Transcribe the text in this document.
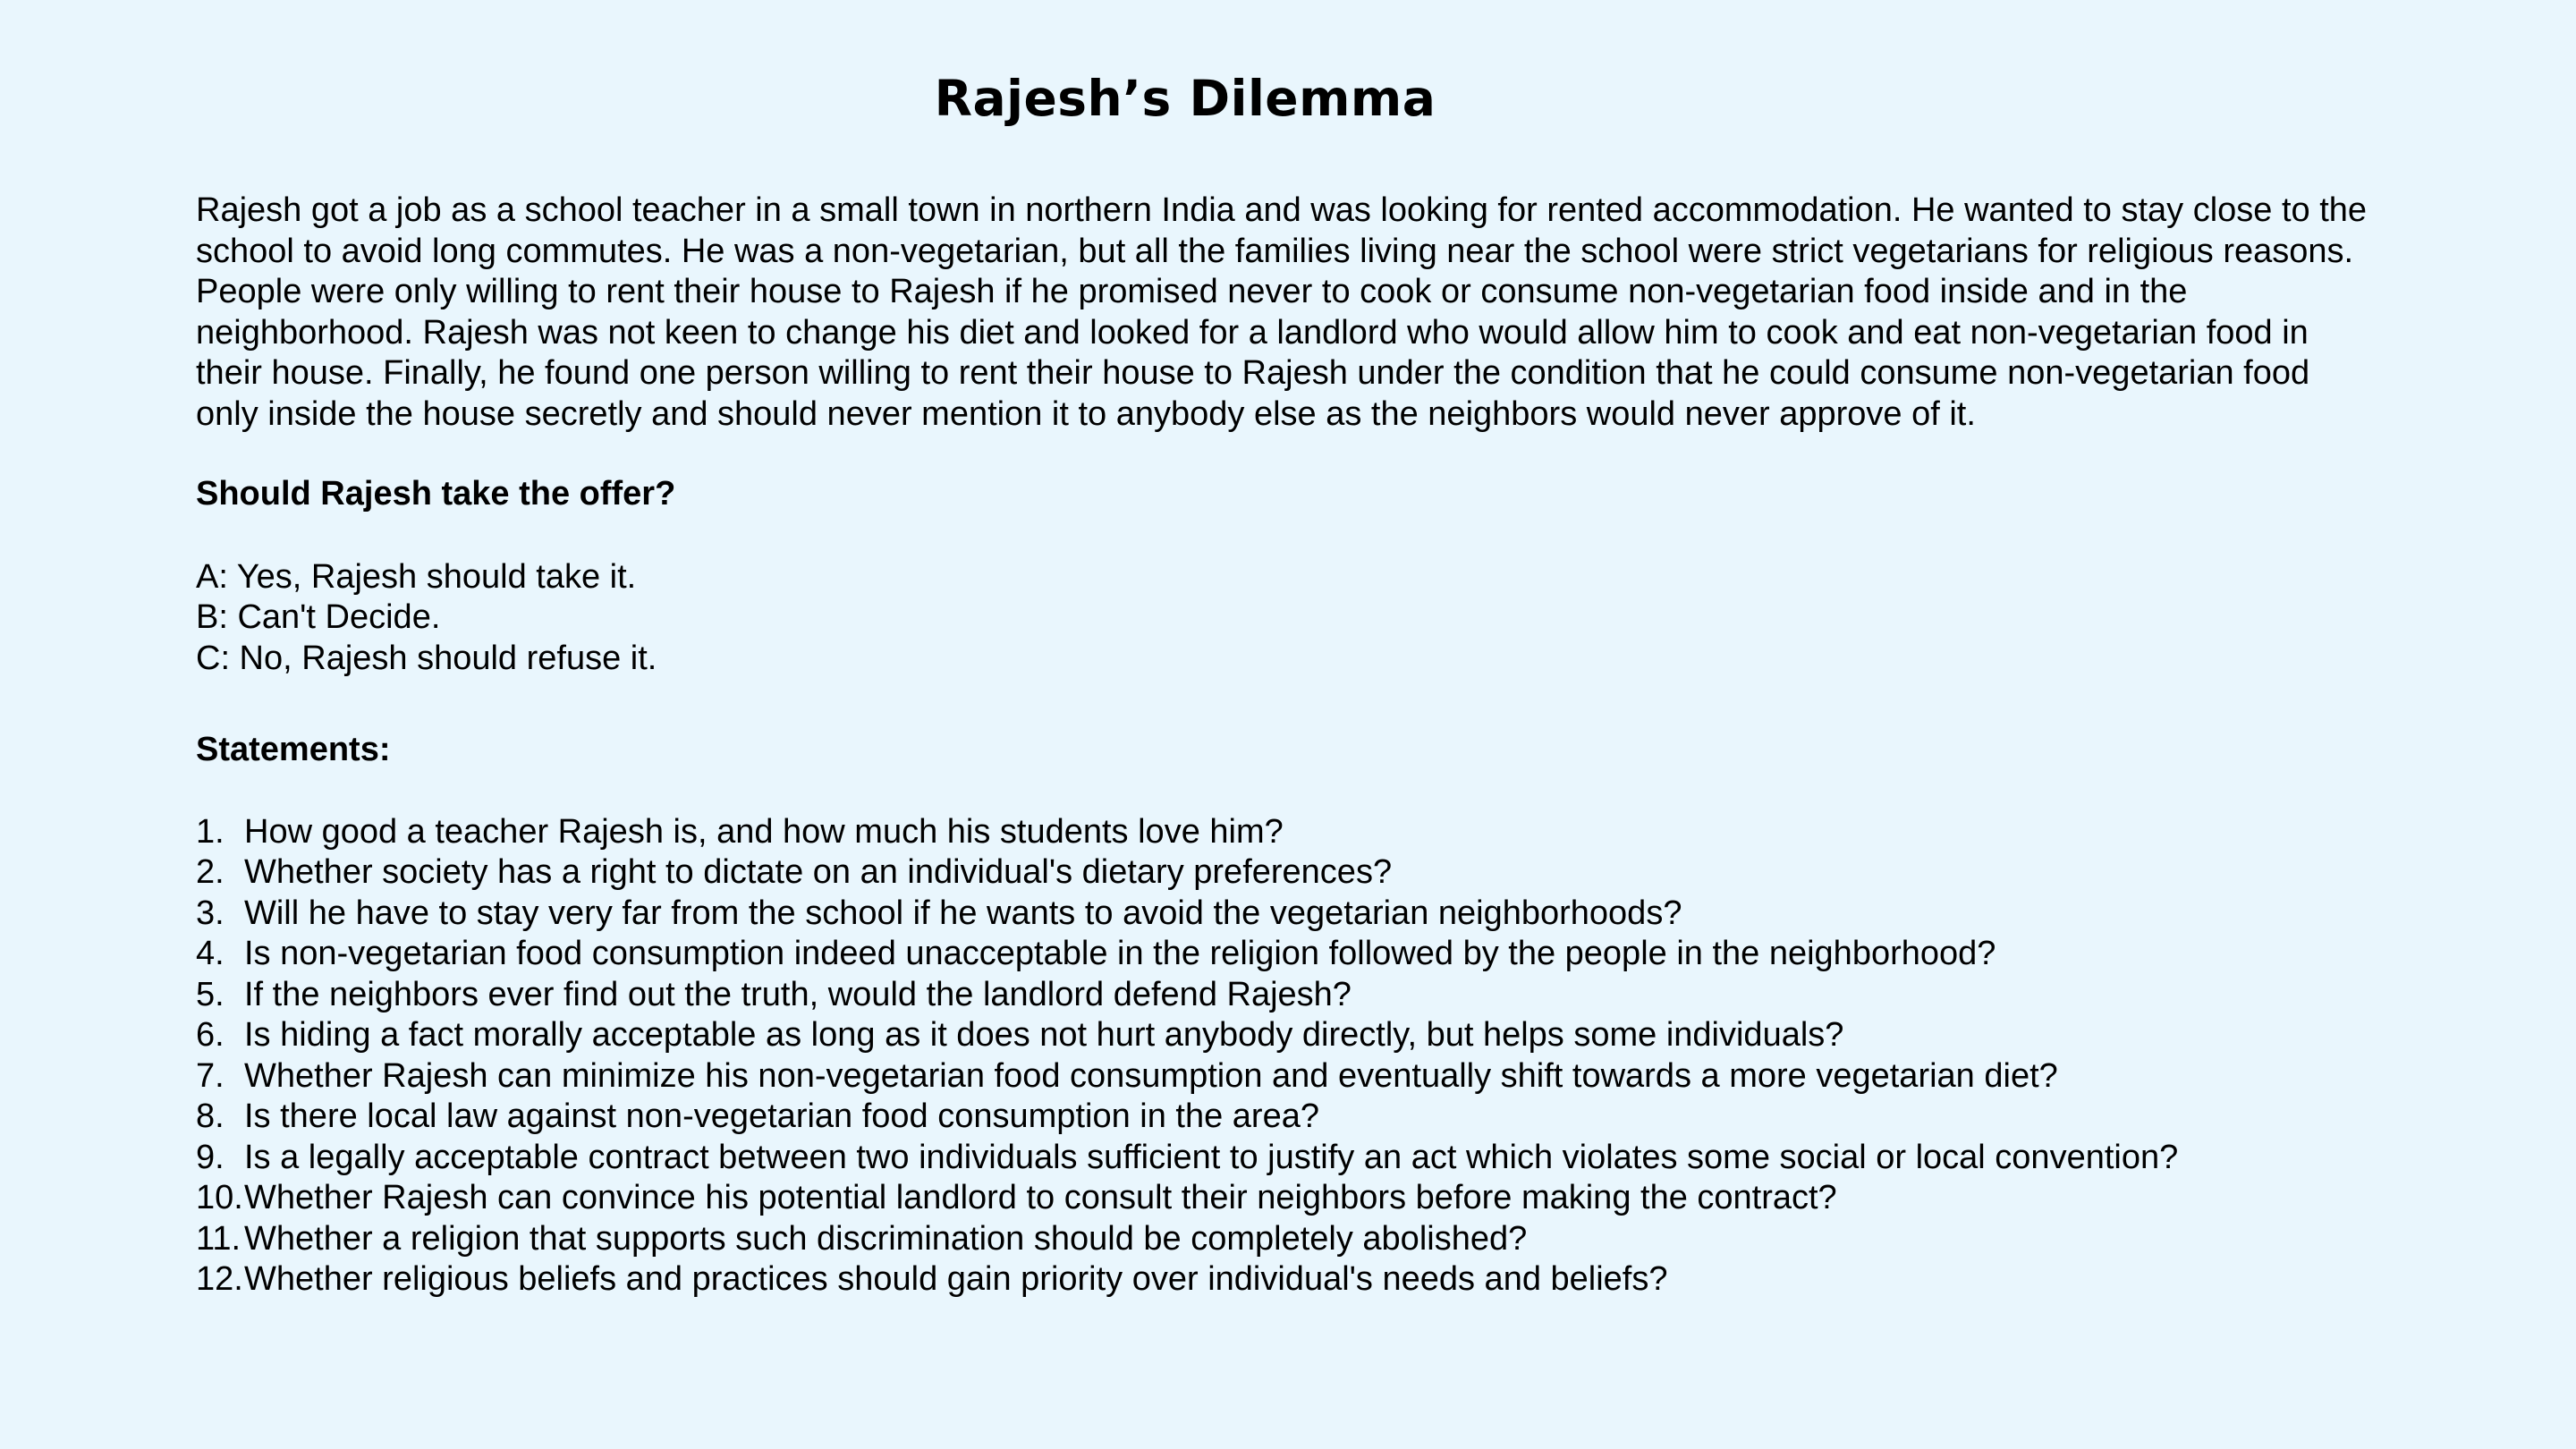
Rajesh’s Dilemma

Rajesh got a job as a school teacher in a small town in northern India and was looking for rented accommodation. He wanted to stay close to the school to avoid long commutes. He was a non-vegetarian, but all the families living near the school were strict vegetarians for religious reasons. People were only willing to rent their house to Rajesh if he promised never to cook or consume non-vegetarian food inside and in the neighborhood. Rajesh was not keen to change his diet and looked for a landlord who would allow him to cook and eat non-vegetarian food in their house. Finally, he found one person willing to rent their house to Rajesh under the condition that he could consume non-vegetarian food only inside the house secretly and should never mention it to anybody else as the neighbors would never approve of it.

Should Rajesh take the offer?

A: Yes, Rajesh should take it.
B: Can't Decide.
C: No, Rajesh should refuse it.

Statements:

1. How good a teacher Rajesh is, and how much his students love him?
2. Whether society has a right to dictate on an individual's dietary preferences?
3. Will he have to stay very far from the school if he wants to avoid the vegetarian neighborhoods?
4. Is non-vegetarian food consumption indeed unacceptable in the religion followed by the people in the neighborhood?
5. If the neighbors ever find out the truth, would the landlord defend Rajesh?
6. Is hiding a fact morally acceptable as long as it does not hurt anybody directly, but helps some individuals?
7. Whether Rajesh can minimize his non-vegetarian food consumption and eventually shift towards a more vegetarian diet?
8. Is there local law against non-vegetarian food consumption in the area?
9. Is a legally acceptable contract between two individuals sufficient to justify an act which violates some social or local convention?
10. Whether Rajesh can convince his potential landlord to consult their neighbors before making the contract?
11. Whether a religion that supports such discrimination should be completely abolished?
12. Whether religious beliefs and practices should gain priority over individual's needs and beliefs?
